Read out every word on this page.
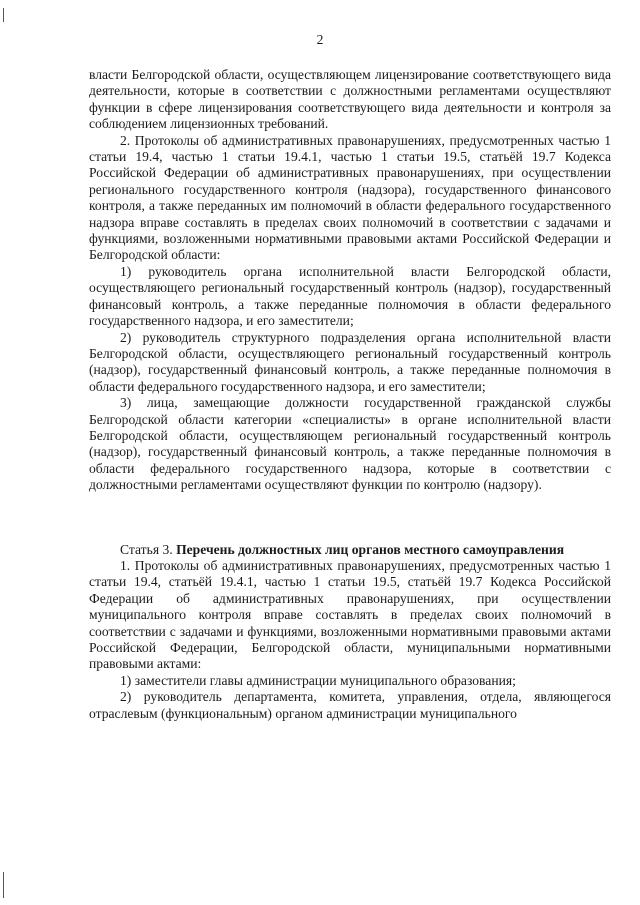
2

власти Белгородской области, осуществляющем лицензирование соответствующего вида деятельности, которые в соответствии с должностными регламентами осуществляют функции в сфере лицензирования соответствующего вида деятельности и контроля за соблюдением лицензионных требований.

2. Протоколы об административных правонарушениях, предусмотренных частью 1 статьи 19.4, частью 1 статьи 19.4.1, частью 1 статьи 19.5, статьёй 19.7 Кодекса Российской Федерации об административных правонарушениях, при осуществлении регионального государственного контроля (надзора), государственного финансового контроля, а также переданных им полномочий в области федерального государственного надзора вправе составлять в пределах своих полномочий в соответствии с задачами и функциями, возложенными нормативными правовыми актами Российской Федерации и Белгородской области:

1) руководитель органа исполнительной власти Белгородской области, осуществляющего региональный государственный контроль (надзор), государственный финансовый контроль, а также переданные полномочия в области федерального государственного надзора, и его заместители;

2) руководитель структурного подразделения органа исполнительной власти Белгородской области, осуществляющего региональный государственный контроль (надзор), государственный финансовый контроль, а также переданные полномочия в области федерального государственного надзора, и его заместители;

3) лица, замещающие должности государственной гражданской службы Белгородской области категории «специалисты» в органе исполнительной власти Белгородской области, осуществляющем региональный государственный контроль (надзор), государственный финансовый контроль, а также переданные полномочия в области федерального государственного надзора, которые в соответствии с должностными регламентами осуществляют функции по контролю (надзору).

Статья 3. Перечень должностных лиц органов местного самоуправления

1. Протоколы об административных правонарушениях, предусмотренных частью 1 статьи 19.4, статьёй 19.4.1, частью 1 статьи 19.5, статьёй 19.7 Кодекса Российской Федерации об административных правонарушениях, при осуществлении муниципального контроля вправе составлять в пределах своих полномочий в соответствии с задачами и функциями, возложенными нормативными правовыми актами Российской Федерации, Белгородской области, муниципальными нормативными правовыми актами:

1) заместители главы администрации муниципального образования;

2) руководитель департамента, комитета, управления, отдела, являющегося отраслевым (функциональным) органом администрации муниципального
